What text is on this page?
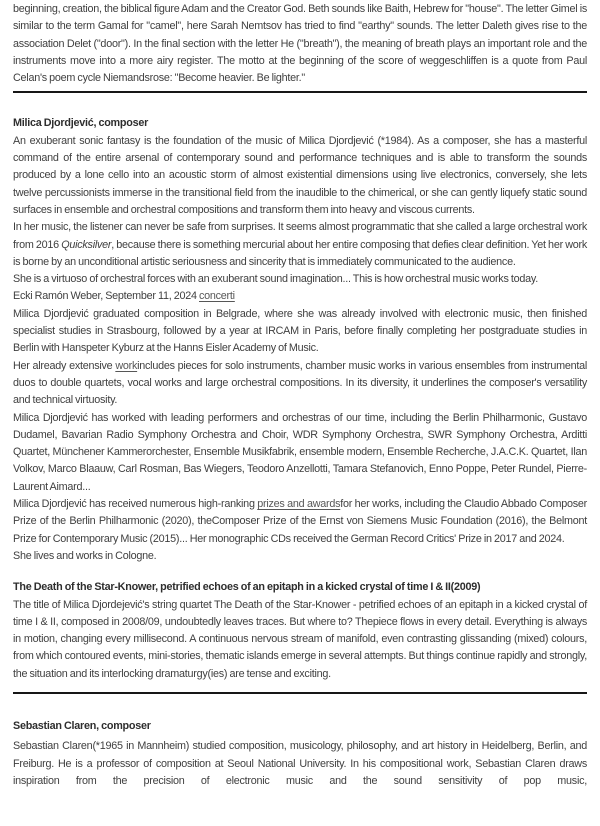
beginning, creation, the biblical figure Adam and the Creator God. Beth sounds like Baith, Hebrew for "house". The letter Gimel is similar to the term Gamal for "camel", here Sarah Nemtsov has tried to find "earthy" sounds. The letter Daleth gives rise to the association Delet ("door"). In the final section with the letter He ("breath"), the meaning of breath plays an important role and the instruments move into a more airy register. The motto at the beginning of the score of weggeschliffen is a quote from Paul Celan's poem cycle Niemandsrose: "Become heavier. Be lighter."

Milica Djordjević, composer

An exuberant sonic fantasy is the foundation of the music of Milica Djordjević (*1984). As a composer, she has a masterful command of the entire arsenal of contemporary sound and performance techniques and is able to transform the sounds produced by a lone cello into an acoustic storm of almost existential dimensions using live electronics, conversely, she lets twelve percussionists immerse in the transitional field from the inaudible to the chimerical, or she can gently liquefy static sound surfaces in ensemble and orchestral compositions and transform them into heavy and viscous currents.

In her music, the listener can never be safe from surprises. It seems almost programmatic that she called a large orchestral work from 2016 Quicksilver, because there is something mercurial about her entire composing that defies clear definition. Yet her work is borne by an unconditional artistic seriousness and sincerity that is immediately communicated to the audience.

She is a virtuoso of orchestral forces with an exuberant sound imagination... This is how orchestral music works today.

Ecki Ramón Weber, September 11, 2024 concerti

Milica Djordjević graduated composition in Belgrade, where she was already involved with electronic music, then finished specialist studies in Strasbourg, followed by a year at IRCAM in Paris, before finally completing her postgraduate studies in Berlin with Hanspeter Kyburz at the Hanns Eisler Academy of Music.

Her already extensive workincludes pieces for solo instruments, chamber music works in various ensembles from instrumental duos to double quartets, vocal works and large orchestral compositions. In its diversity, it underlines the composer's versatility and technical virtuosity.

Milica Djordjević has worked with leading performers and orchestras of our time, including the Berlin Philharmonic, Gustavo Dudamel, Bavarian Radio Symphony Orchestra and Choir, WDR Symphony Orchestra, SWR Symphony Orchestra, Arditti Quartet, Münchener Kammerorchester, Ensemble Musikfabrik, ensemble modern, Ensemble Recherche, J.A.C.K. Quartet, Ilan Volkov, Marco Blaauw, Carl Rosman, Bas Wiegers, Teodoro Anzellotti, Tamara Stefanovich, Enno Poppe, Peter Rundel, Pierre-Laurent Aimard...

Milica Djordjević has received numerous high-ranking prizes and awardsfor her works, including the Claudio Abbado Composer Prize of the Berlin Philharmonic (2020), theComposer Prize of the Ernst von Siemens Music Foundation (2016), the Belmont Prize for Contemporary Music (2015)... Her monographic CDs received the German Record Critics' Prize in 2017 and 2024.

She lives and works in Cologne.

The Death of the Star-Knower, petrified echoes of an epitaph in a kicked crystal of time I & II(2009)

The title of Milica Djordejević's string quartet The Death of the Star-Knower - petrified echoes of an epitaph in a kicked crystal of time I & II, composed in 2008/09, undoubtedly leaves traces. But where to? Thepiece flows in every detail. Everything is always in motion, changing every millisecond. A continuous nervous stream of manifold, even contrasting glissanding (mixed) colours, from which contoured events, mini-stories, thematic islands emerge in several attempts. But things continue rapidly and strongly, the situation and its interlocking dramaturgy(ies) are tense and exciting.

Sebastian Claren, composer

Sebastian Claren(*1965 in Mannheim) studied composition, musicology, philosophy, and art history in Heidelberg, Berlin, and Freiburg. He is a professor of composition at Seoul National University. In his compositional work, Sebastian Claren draws inspiration from the precision of electronic music and the sound sensitivity of pop music,
